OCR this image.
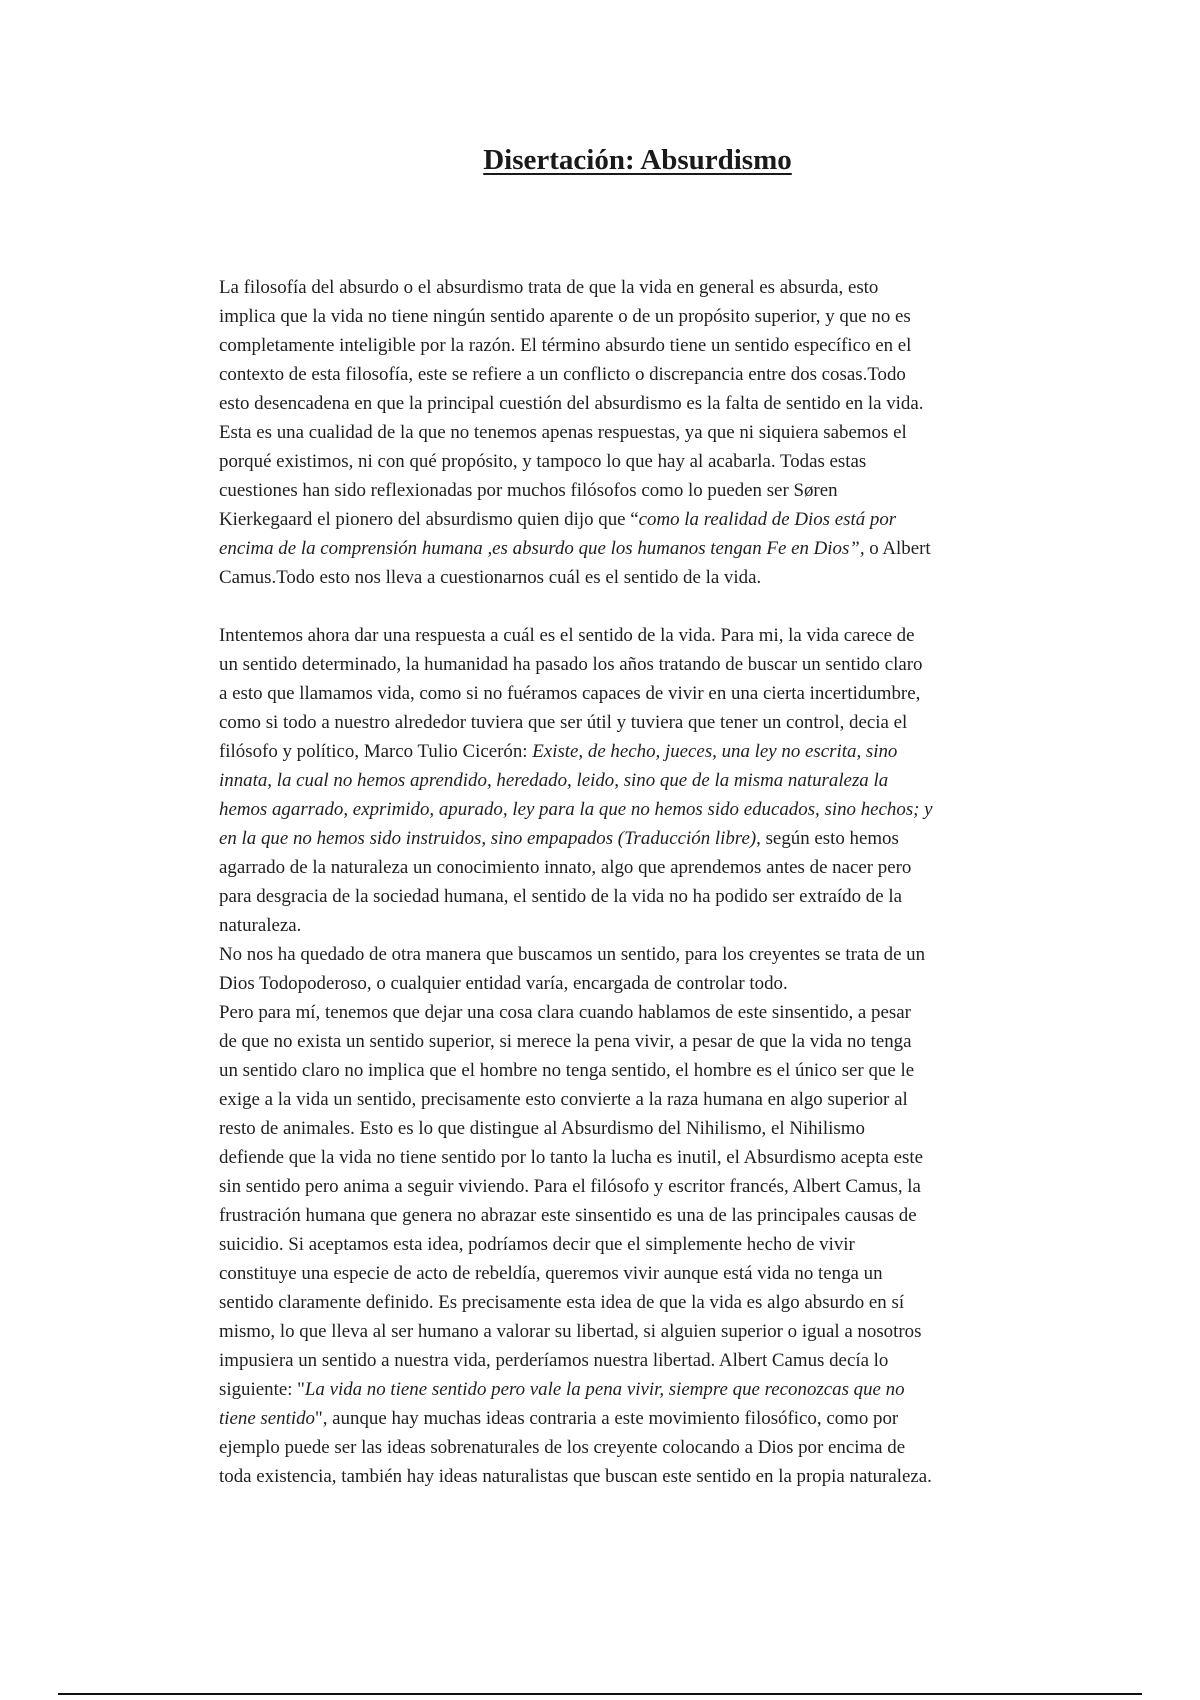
Disertación: Absurdismo
La filosofía del absurdo o el absurdismo trata de que la vida en general es absurda, esto
implica que la vida no tiene ningún sentido aparente o de un propósito superior, y que no es
completamente inteligible por la razón. El término absurdo tiene un sentido específico en el
contexto de esta filosofía, este se refiere a un conflicto o discrepancia entre dos cosas.Todo
esto desencadena en que la principal cuestión del absurdismo es la falta de sentido en la vida.
Esta es una cualidad de la que no tenemos apenas respuestas, ya que ni siquiera sabemos el
porqué existimos, ni con qué propósito, y tampoco lo que hay al acabarla. Todas estas
cuestiones han sido reflexionadas por muchos filósofos como lo pueden ser Søren
Kierkegaard el pionero del absurdismo quien dijo que “como la realidad de Dios está por
encima de la comprensión humana ,es absurdo que los humanos tengan Fe en Dios”, o Albert
Camus.Todo esto nos lleva a cuestionarnos cuál es el sentido de la vida.
Intentemos ahora dar una respuesta a cuál es el sentido de la vida. Para mi, la vida carece de
un sentido determinado, la humanidad ha pasado los años tratando de buscar un sentido claro
a esto que llamamos vida, como si no fuéramos capaces de vivir en una cierta incertidumbre,
como si todo a nuestro alrededor tuviera que ser útil y tuviera que tener un control, decia el
filósofo y político, Marco Tulio Cicerón: Existe, de hecho, jueces, una ley no escrita, sino
innata, la cual no hemos aprendido, heredado, leido, sino que de la misma naturaleza la
hemos agarrado, exprimido, apurado, ley para la que no hemos sido educados, sino hechos; y
en la que no hemos sido instruidos, sino empapados (Traducción libre), según esto hemos
agarrado de la naturaleza un conocimiento innato, algo que aprendemos antes de nacer pero
para desgracia de la sociedad humana, el sentido de la vida no ha podido ser extraído de la
naturaleza.
No nos ha quedado de otra manera que buscamos un sentido, para los creyentes se trata de un
Dios Todopoderoso, o cualquier entidad varía, encargada de controlar todo.
Pero para mí, tenemos que dejar una cosa clara cuando hablamos de este sinsentido, a pesar
de que no exista un sentido superior, si merece la pena vivir, a pesar de que la vida no tenga
un sentido claro no implica que el hombre no tenga sentido, el hombre es el único ser que le
exige a la vida un sentido, precisamente esto convierte a la raza humana en algo superior al
resto de animales. Esto es lo que distingue al Absurdismo del Nihilismo, el Nihilismo
defiende que la vida no tiene sentido por lo tanto la lucha es inutil, el Absurdismo acepta este
sin sentido pero anima a seguir viviendo. Para el filósofo y escritor francés, Albert Camus, la
frustración humana que genera no abrazar este sinsentido es una de las principales causas de
suicidio. Si aceptamos esta idea, podríamos decir que el simplemente hecho de vivir
constituye una especie de acto de rebeldía, queremos vivir aunque está vida no tenga un
sentido claramente definido. Es precisamente esta idea de que la vida es algo absurdo en sí
mismo, lo que lleva al ser humano a valorar su libertad, si alguien superior o igual a nosotros
impusiera un sentido a nuestra vida, perderíamos nuestra libertad. Albert Camus decía lo
siguiente: "La vida no tiene sentido pero vale la pena vivir, siempre que reconozcas que no
tiene sentido", aunque hay muchas ideas contraria a este movimiento filosófico, como por
ejemplo puede ser las ideas sobrenaturales de los creyente colocando a Dios por encima de
toda existencia, también hay ideas naturalistas que buscan este sentido en la propia naturaleza.
